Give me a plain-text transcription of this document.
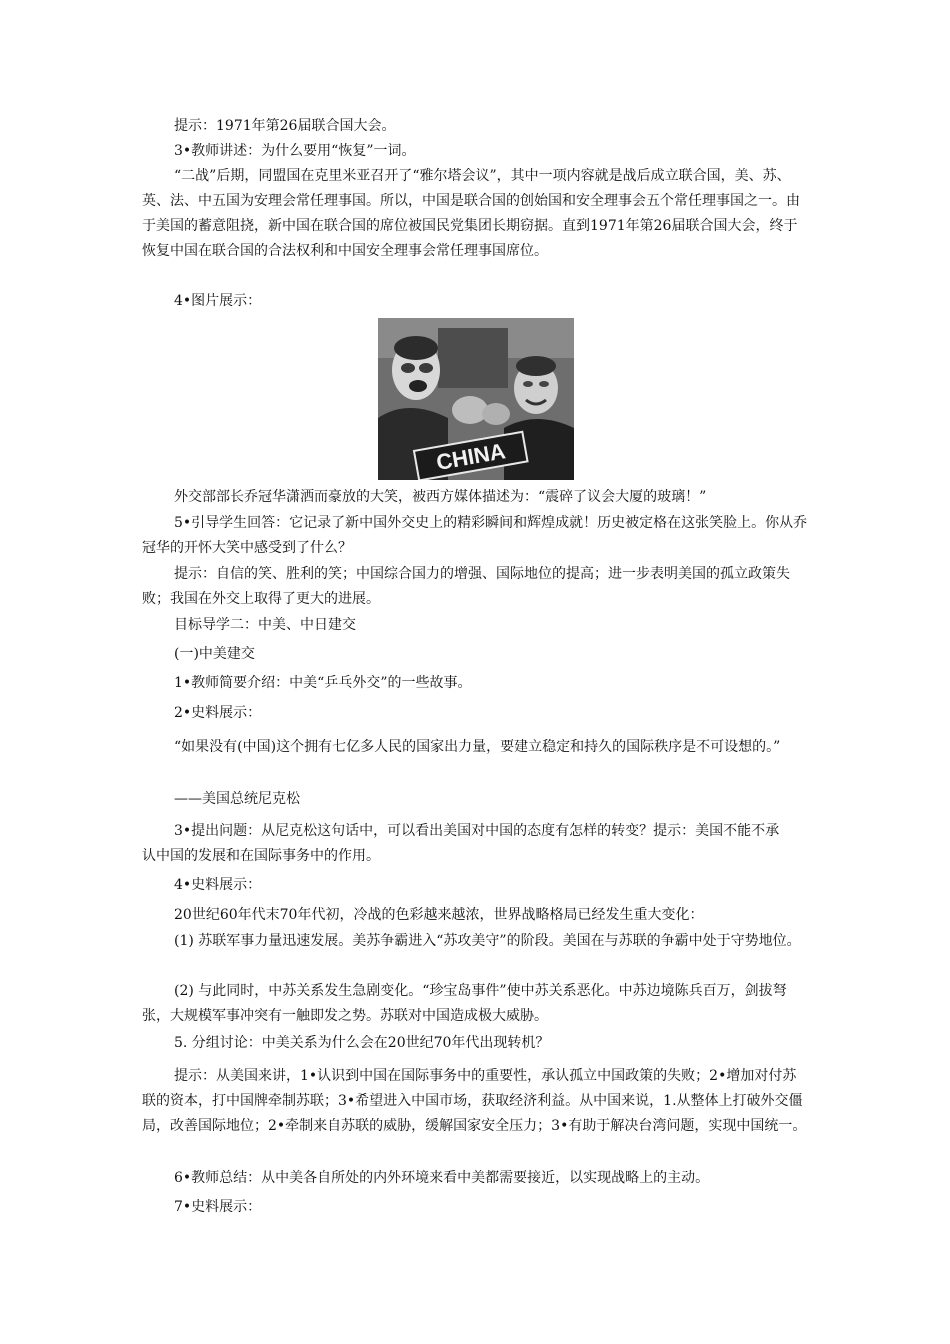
提示：1971年第26届联合国大会。

3•教师讲述：为什么要用“恢复”一词。

“二战”后期，同盟国在克里米亚召开了“雅尔塔会议”，其中一项内容就是战后成立联合国，美、苏、英、法、中五国为安理会常任理事国。所以，中国是联合国的创始国和安全理事会五个常任理事国之一。由于美国的蓄意阻挠，新中国在联合国的席位被国民党集团长期窃据。直到1971年第26届联合国大会，终于恢复中国在联合国的合法权利和中国安全理事会常任理事国席位。

4•图片展示：

CHINA

外交部部长乔冠华潇洒而豪放的大笑，被西方媒体描述为：“震碎了议会大厦的玻璃！”

5•引导学生回答：它记录了新中国外交史上的精彩瞬间和辉煌成就！历史被定格在这张笑脸上。你从乔冠华的开怀大笑中感受到了什么？

提示：自信的笑、胜利的笑；中国综合国力的增强、国际地位的提高；进一步表明美国的孤立政策失败；我国在外交上取得了更大的进展。

目标导学二：中美、中日建交

(一)中美建交

1•教师简要介绍：中美“乒乓外交”的一些故事。

2•史料展示：

“如果没有(中国)这个拥有七亿多人民的国家出力量，要建立稳定和持久的国际秩序是不可设想的。”

——美国总统尼克松

3•提出问题：从尼克松这句话中，可以看出美国对中国的态度有怎样的转变？提示：美国不能不承认中国的发展和在国际事务中的作用。

4•史料展示：

20世纪60年代末70年代初，冷战的色彩越来越浓，世界战略格局已经发生重大变化：

(1) 苏联军事力量迅速发展。美苏争霸进入“苏攻美守”的阶段。美国在与苏联的争霸中处于守势地位。

(2) 与此同时，中苏关系发生急剧变化。“珍宝岛事件”使中苏关系恶化。中苏边境陈兵百万，剑拔弩张，大规模军事冲突有一触即发之势。苏联对中国造成极大威胁。

5. 分组讨论：中美关系为什么会在20世纪70年代出现转机？

提示：从美国来讲，1•认识到中国在国际事务中的重要性，承认孤立中国政策的失败；2•增加对付苏联的资本，打中国牌牵制苏联；3•希望进入中国市场，获取经济利益。从中国来说，1.从整体上打破外交僵局，改善国际地位；2•牵制来自苏联的威胁，缓解国家安全压力；3•有助于解决台湾问题，实现中国统一。

6•教师总结：从中美各自所处的内外环境来看中美都需要接近，以实现战略上的主动。

7•史料展示：
